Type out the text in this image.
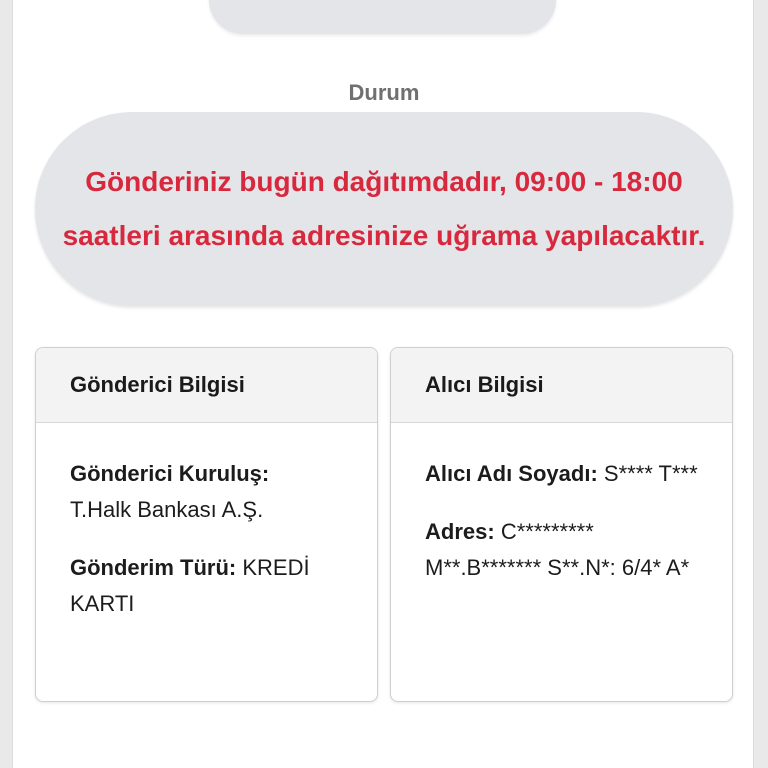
Durum
Gönderiniz bugün dağıtımdadır, 09:00 - 18:00 saatleri arasında adresinize uğrama yapılacaktır.
Gönderici Bilgisi
Gönderici Kuruluş:
T.Halk Bankası A.Ş.
Gönderim Türü: KREDİ KARTI
Alıcı Bilgisi
Alıcı Adı Soyadı: S**** T***
Adres: C********* M**.B******* S**.N*: 6/4* A*
